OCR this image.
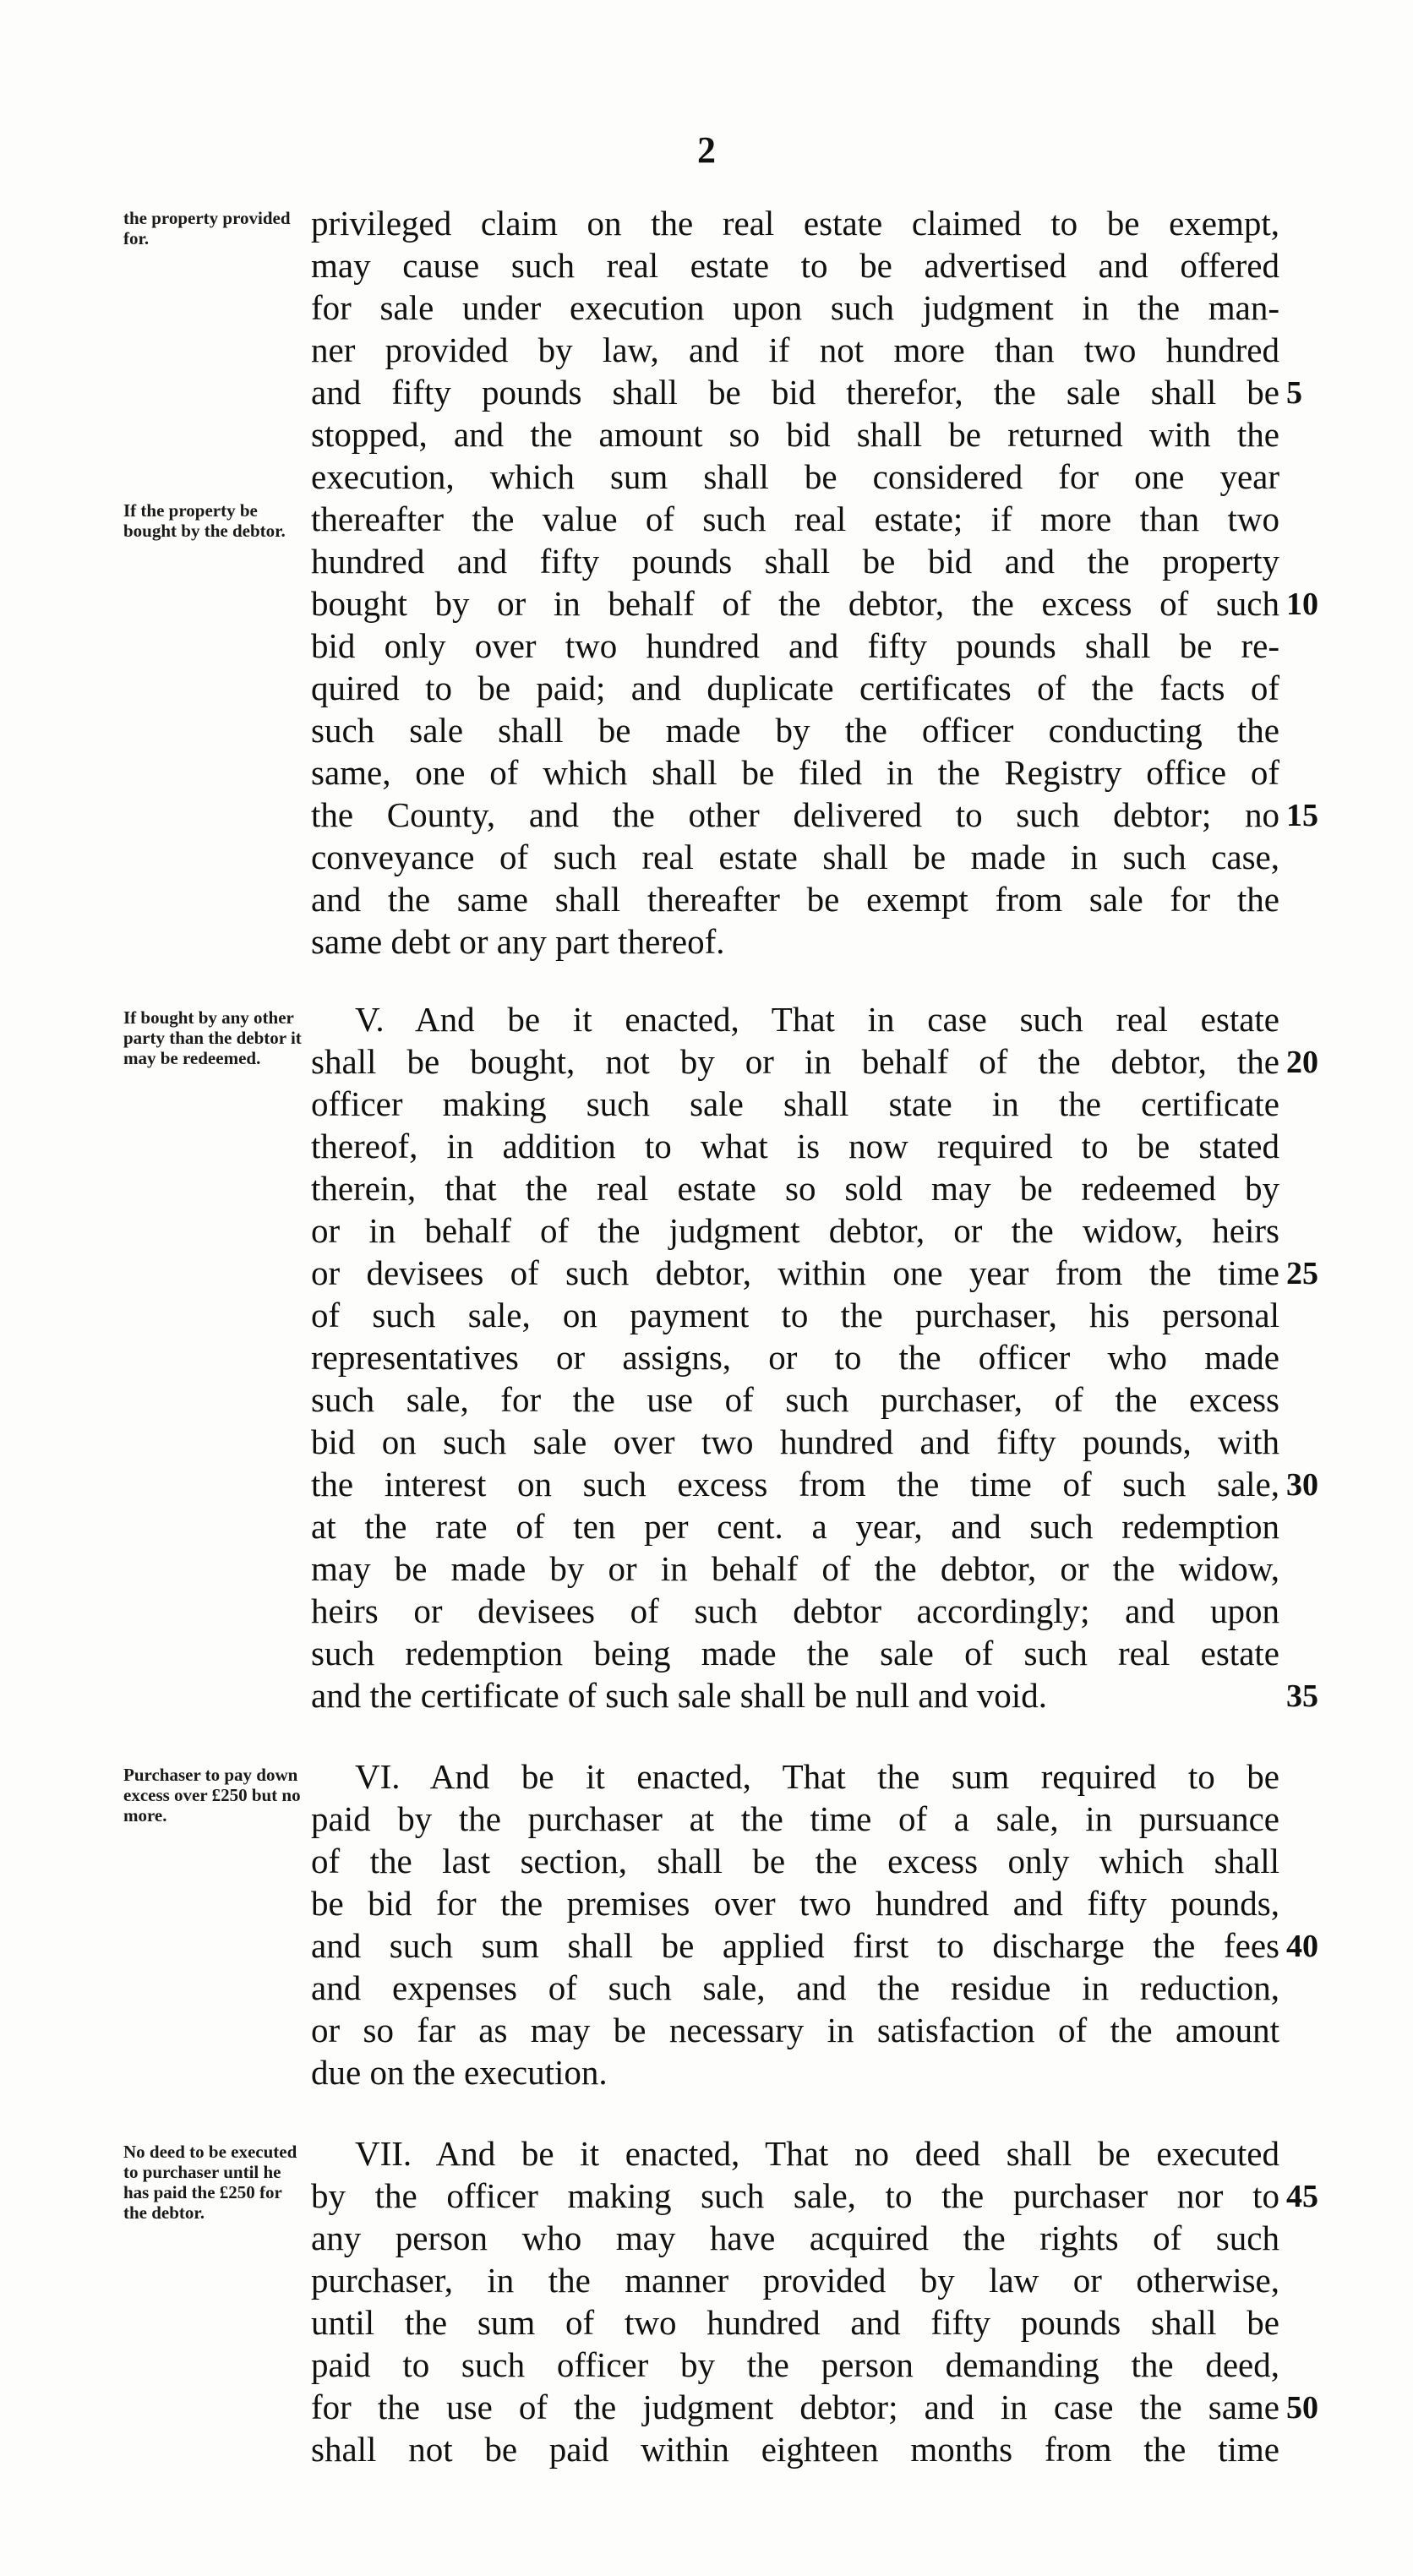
2
the property provided for.
If the property be bought by the debtor.
privileged claim on the real estate claimed to be exempt,
may cause such real estate to be advertised and offered
for sale under execution upon such judgment in the man-
ner provided by law, and if not more than two hundred
and fifty pounds shall be bid therefor, the sale shall be
stopped, and the amount so bid shall be returned with the
execution, which sum shall be considered for one year
thereafter the value of such real estate; if more than two
hundred and fifty pounds shall be bid and the property
bought by or in behalf of the debtor, the excess of such
bid only over two hundred and fifty pounds shall be re-
quired to be paid; and duplicate certificates of the facts of
such sale shall be made by the officer conducting the
same, one of which shall be filed in the Registry office of
the County, and the other delivered to such debtor; no
conveyance of such real estate shall be made in such case,
and the same shall thereafter be exempt from sale for the
same debt or any part thereof.
5
10
15
If bought by any other party than the debtor it may be redeemed.
V. And be it enacted, That in case such real estate
shall be bought, not by or in behalf of the debtor, the
officer making such sale shall state in the certificate
thereof, in addition to what is now required to be stated
therein, that the real estate so sold may be redeemed by
or in behalf of the judgment debtor, or the widow, heirs
or devisees of such debtor, within one year from the time
of such sale, on payment to the purchaser, his personal
representatives or assigns, or to the officer who made
such sale, for the use of such purchaser, of the excess
bid on such sale over two hundred and fifty pounds, with
the interest on such excess from the time of such sale,
at the rate of ten per cent. a year, and such redemption
may be made by or in behalf of the debtor, or the widow,
heirs or devisees of such debtor accordingly; and upon
such redemption being made the sale of such real estate
and the certificate of such sale shall be null and void.
20
25
30
35
Purchaser to pay down excess over £250 but no more.
VI. And be it enacted, That the sum required to be
paid by the purchaser at the time of a sale, in pursuance
of the last section, shall be the excess only which shall
be bid for the premises over two hundred and fifty pounds,
and such sum shall be applied first to discharge the fees
and expenses of such sale, and the residue in reduction,
or so far as may be necessary in satisfaction of the amount
due on the execution.
40
No deed to be executed to purchaser until he has paid the £250 for the debtor.
VII. And be it enacted, That no deed shall be executed
by the officer making such sale, to the purchaser nor to
any person who may have acquired the rights of such
purchaser, in the manner provided by law or otherwise,
until the sum of two hundred and fifty pounds shall be
paid to such officer by the person demanding the deed,
for the use of the judgment debtor; and in case the same
shall not be paid within eighteen months from the time
45
50
